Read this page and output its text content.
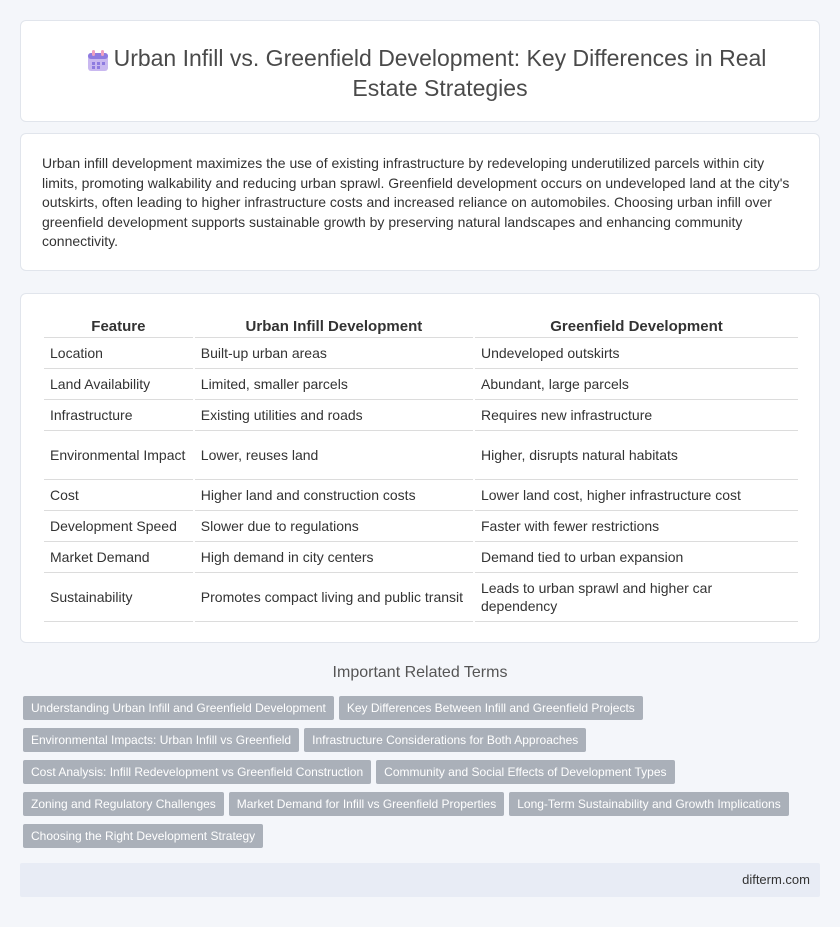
Urban Infill vs. Greenfield Development: Key Differences in Real Estate Strategies

Urban infill development maximizes the use of existing infrastructure by redeveloping underutilized parcels within city limits, promoting walkability and reducing urban sprawl. Greenfield development occurs on undeveloped land at the city's outskirts, often leading to higher infrastructure costs and increased reliance on automobiles. Choosing urban infill over greenfield development supports sustainable growth by preserving natural landscapes and enhancing community connectivity.

Feature	Urban Infill Development	Greenfield Development
Location	Built-up urban areas	Undeveloped outskirts
Land Availability	Limited, smaller parcels	Abundant, large parcels
Infrastructure	Existing utilities and roads	Requires new infrastructure
Environmental Impact	Lower, reuses land	Higher, disrupts natural habitats
Cost	Higher land and construction costs	Lower land cost, higher infrastructure cost
Development Speed	Slower due to regulations	Faster with fewer restrictions
Market Demand	High demand in city centers	Demand tied to urban expansion
Sustainability	Promotes compact living and public transit	Leads to urban sprawl and higher car dependency
Important Related Terms
Understanding Urban Infill and Greenfield Development Key Differences Between Infill and Greenfield Projects
Environmental Impacts: Urban Infill vs Greenfield Infrastructure Considerations for Both Approaches
Cost Analysis: Infill Redevelopment vs Greenfield Construction Community and Social Effects of Development Types
Zoning and Regulatory Challenges Market Demand for Infill vs Greenfield Properties Long-Term Sustainability and Growth Implications
Choosing the Right Development Strategy
difterm.com
